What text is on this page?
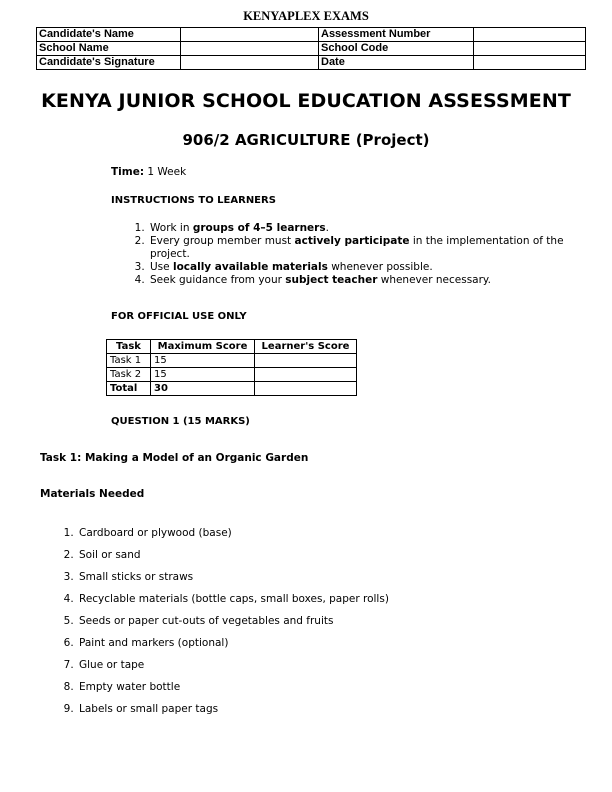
KENYAPLEX EXAMS
Candidate's Name		Assessment Number	
School Name		School Code	
Candidate's Signature		Date	
KENYA JUNIOR SCHOOL EDUCATION ASSESSMENT
906/2 AGRICULTURE (Project)
Time: 1 Week
INSTRUCTIONS TO LEARNERS
1. Work in groups of 4–5 learners.
2. Every group member must actively participate in the implementation of the project.
3. Use locally available materials whenever possible.
4. Seek guidance from your subject teacher whenever necessary.
FOR OFFICIAL USE ONLY
Task	Maximum Score	Learner's Score
Task 1	15	
Task 2	15	
Total	30	
QUESTION 1 (15 MARKS)
Task 1: Making a Model of an Organic Garden
Materials Needed
1. Cardboard or plywood (base)
2. Soil or sand
3. Small sticks or straws
4. Recyclable materials (bottle caps, small boxes, paper rolls)
5. Seeds or paper cut-outs of vegetables and fruits
6. Paint and markers (optional)
7. Glue or tape
8. Empty water bottle
9. Labels or small paper tags
